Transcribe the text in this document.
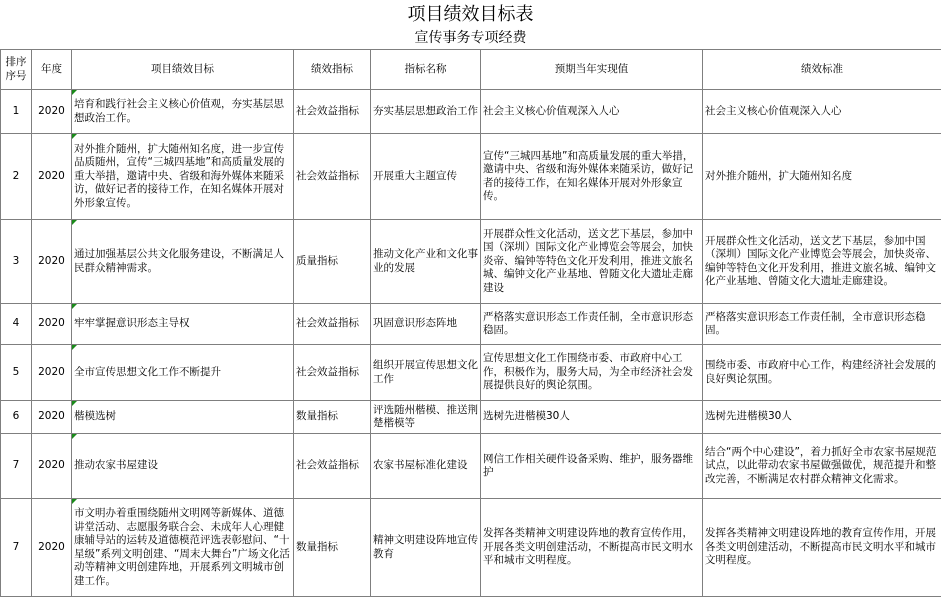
项目绩效目标表
宣传事务专项经费
排序序号	年度	项目绩效目标	绩效指标	指标名称	预期当年实现值	绩效标准
1	2020	培育和践行社会主义核心价值观，夯实基层思想政治工作。	社会效益指标	夯实基层思想政治工作	社会主义核心价值观深入人心	社会主义核心价值观深入人心
2	2020	对外推介随州，扩大随州知名度，进一步宣传品质随州，宣传“三城四基地”和高质量发展的重大举措，邀请中央、省级和海外媒体来随采访，做好记者的接待工作，在知名媒体开展对外形象宣传。	社会效益指标	开展重大主题宣传	宣传“三城四基地”和高质量发展的重大举措，邀请中央、省级和海外媒体来随采访，做好记者的接待工作，在知名媒体开展对外形象宣传。	对外推介随州，扩大随州知名度
3	2020	通过加强基层公共文化服务建设，不断满足人民群众精神需求。	质量指标	推动文化产业和文化事业的发展	开展群众性文化活动，送文艺下基层，参加中国（深圳）国际文化产业博览会等展会，加快炎帝、编钟等特色文化开发利用，推进文旅名城、编钟文化产业基地、曾随文化大遗址走廊建设	开展群众性文化活动，送文艺下基层，参加中国（深圳）国际文化产业博览会等展会，加快炎帝、编钟等特色文化开发利用，推进文旅名城、编钟文化产业基地、曾随文化大遗址走廊建设。
4	2020	牢牢掌握意识形态主导权	社会效益指标	巩固意识形态阵地	严格落实意识形态工作责任制，全市意识形态稳固。	严格落实意识形态工作责任制，全市意识形态稳固。
5	2020	全市宣传思想文化工作不断提升	社会效益指标	组织开展宣传思想文化工作	宣传思想文化工作围绕市委、市政府中心工作，积极作为，服务大局，为全市经济社会发展提供良好的舆论氛围。	围绕市委、市政府中心工作，构建经济社会发展的良好舆论氛围。
6	2020	楷模选树	数量指标	评选随州楷模、推送荆楚楷模等	选树先进楷模30人	选树先进楷模30人
7	2020	推动农家书屋建设	社会效益指标	农家书屋标准化建设	网信工作相关硬件设备采购、维护，服务器维护	结合“两个中心建设”，着力抓好全市农家书屋规范试点，以此带动农家书屋做强做优，规范提升和整改完善，不断满足农村群众精神文化需求。
7	2020	市文明办着重围绕随州文明网等新媒体、道德讲堂活动、志愿服务联合会、未成年人心理健康辅导站的运转及道德模范评选表彰慰问、“十星级”系列文明创建、“周末大舞台”广场文化活动等精神文明创建阵地，开展系列文明城市创建工作。	数量指标	精神文明建设阵地宣传教育	发挥各类精神文明建设阵地的教育宣传作用，开展各类文明创建活动，不断提高市民文明水平和城市文明程度。	发挥各类精神文明建设阵地的教育宣传作用，开展各类文明创建活动，不断提高市民文明水平和城市文明程度。
